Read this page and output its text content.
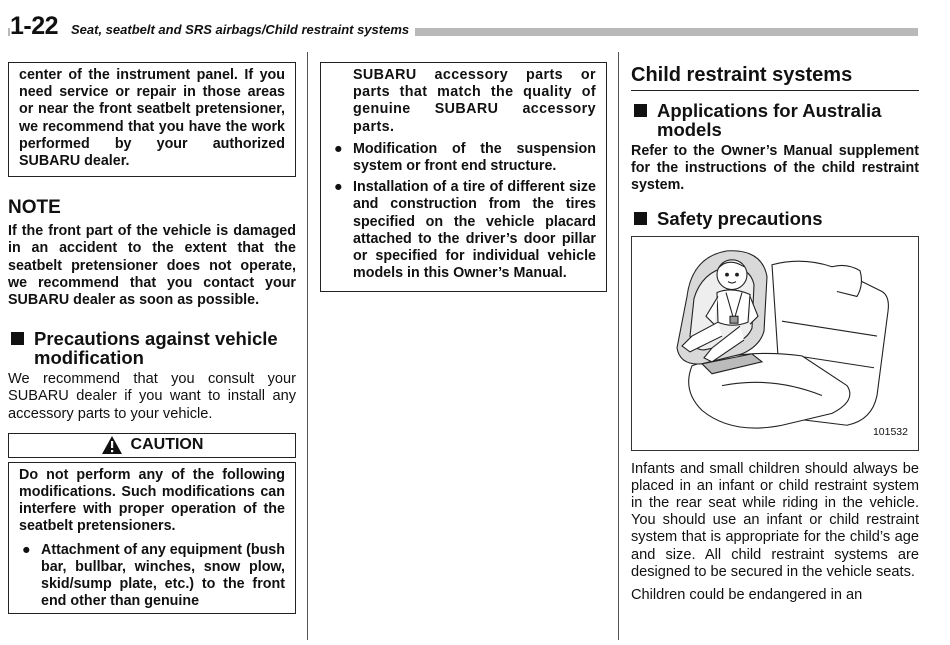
1-22 Seat, seatbelt and SRS airbags/Child restraint systems

center of the instrument panel. If you need service or repair in those areas or near the front seatbelt pretensioner, we recommend that you have the work performed by your authorized SUBARU dealer.

NOTE

If the front part of the vehicle is damaged in an accident to the extent that the seatbelt pretensioner does not operate, we recommend that you contact your SUBARU dealer as soon as possible.

Precautions against vehicle modification

We recommend that you consult your SUBARU dealer if you want to install any accessory parts to your vehicle.

CAUTION

Do not perform any of the following modifications. Such modifications can interfere with proper operation of the seatbelt pretensioners.

● Attachment of any equipment (bush bar, bullbar, winches, snow plow, skid/sump plate, etc.) to the front end other than genuine

SUBARU accessory parts or parts that match the quality of genuine SUBARU accessory parts.

● Modification of the suspension system or front end structure.
● Installation of a tire of different size and construction from the tires specified on the vehicle placard attached to the driver’s door pillar or specified for individual vehicle models in this Owner’s Manual.
Child restraint systems
Applications for Australia models

Refer to the Owner’s Manual supplement for the instructions of the child restraint system.

Safety precautions
101532

Infants and small children should always be placed in an infant or child restraint system in the rear seat while riding in the vehicle. You should use an infant or child restraint system that is appropriate for the child’s age and size. All child restraint systems are designed to be secured in the vehicle seats.

Children could be endangered in an
